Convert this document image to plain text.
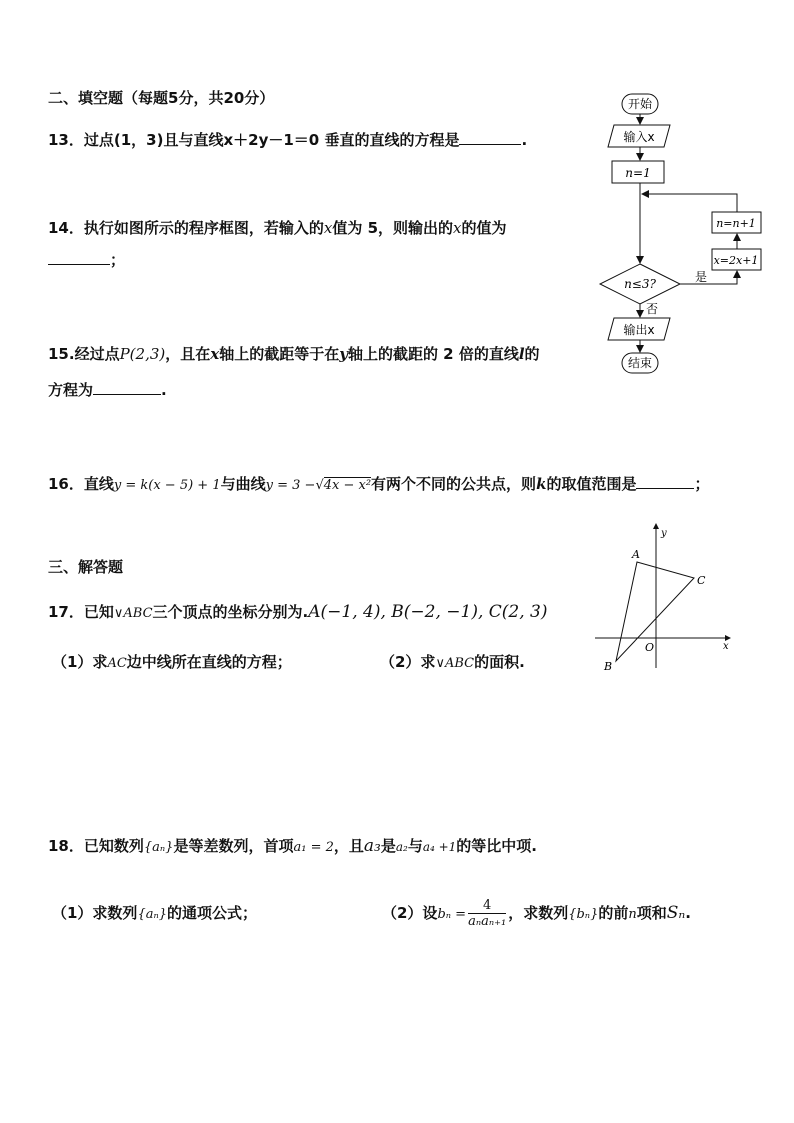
二、填空题（每题5分，共20分）
13．过点(1，3)且与直线x＋2y－1＝0 垂直的直线的方程是	.
14．执行如图所示的程序框图，若输入的x值为 5，则输出的x的值为
；
15.经过点P(2,3)，且在x轴上的截距等于在y轴上的截距的 2 倍的直线l的
方程为	.
16．直线y = k(x − 5) + 1与曲线y = 3 −√4x − x²有两个不同的公共点，则k的取值范围是	；
三、解答题
17．已知∨ABC三个顶点的坐标分别为.A(−1, 4), B(−2, −1), C(2, 3)
（1）求AC边中线所在直线的方程；	（2）求∨ABC的面积.
18．已知数列{aₙ}是等差数列，首项a₁ = 2，且a₃是a₂与a₄ +1的等比中项.
（1）求数列{aₙ}的通项公式；	（2）设$b_n = \frac{4}{\text{aₙaₙ₊₁}}$ ，求数列{bₙ}的前n项和Sₙ.
开始
输入x
n=1
n=n+1
x=2x+1
n≤3?	是
否
输出x
结束
A
B
C
O	x
y
